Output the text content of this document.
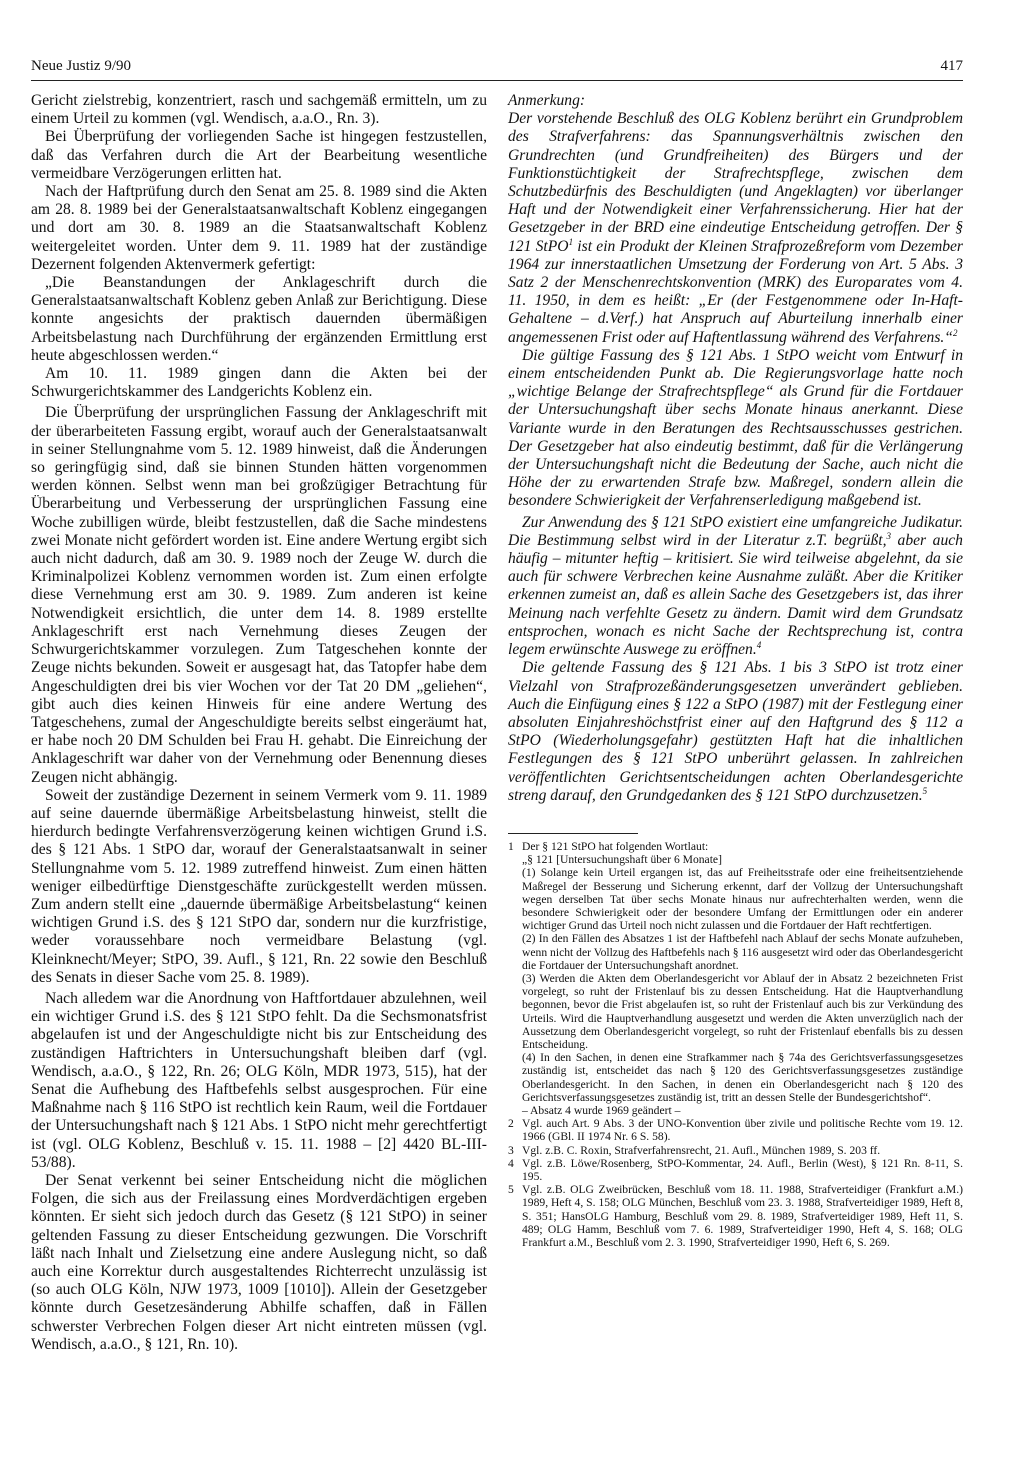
Neue Justiz 9/90	417

Gericht zielstrebig, konzentriert, rasch und sachgemäß ermitteln, um zu einem Urteil zu kommen (vgl. Wendisch, a.a.O., Rn. 3).

Bei Überprüfung der vorliegenden Sache ist hingegen festzustellen, daß das Verfahren durch die Art der Bearbeitung wesentliche vermeidbare Verzögerungen erlitten hat.

Nach der Haftprüfung durch den Senat am 25. 8. 1989 sind die Akten am 28. 8. 1989 bei der Generalstaatsanwaltschaft Koblenz eingegangen und dort am 30. 8. 1989 an die Staatsanwaltschaft Koblenz weitergeleitet worden. Unter dem 9. 11. 1989 hat der zuständige Dezernent folgenden Aktenvermerk gefertigt:

„Die Beanstandungen der Anklageschrift durch die Generalstaatsanwaltschaft Koblenz geben Anlaß zur Berichtigung. Diese konnte angesichts der praktisch dauernden übermäßigen Arbeitsbelastung nach Durchführung der ergänzenden Ermittlung erst heute abgeschlossen werden.“

Am 10. 11. 1989 gingen dann die Akten bei der Schwurgerichtskammer des Landgerichts Koblenz ein.

Die Überprüfung der ursprünglichen Fassung der Anklageschrift mit der überarbeiteten Fassung ergibt, worauf auch der Generalstaatsanwalt in seiner Stellungnahme vom 5. 12. 1989 hinweist, daß die Änderungen so geringfügig sind, daß sie binnen Stunden hätten vorgenommen werden können. Selbst wenn man bei großzügiger Betrachtung für Überarbeitung und Verbesserung der ursprünglichen Fassung eine Woche zubilligen würde, bleibt festzustellen, daß die Sache mindestens zwei Monate nicht gefördert worden ist. Eine andere Wertung ergibt sich auch nicht dadurch, daß am 30. 9. 1989 noch der Zeuge W. durch die Kriminalpolizei Koblenz vernommen worden ist. Zum einen erfolgte diese Vernehmung erst am 30. 9. 1989. Zum anderen ist keine Notwendigkeit ersichtlich, die unter dem 14. 8. 1989 erstellte Anklageschrift erst nach Vernehmung dieses Zeugen der Schwurgerichtskammer vorzulegen. Zum Tatgeschehen konnte der Zeuge nichts bekunden. Soweit er ausgesagt hat, das Tatopfer habe dem Angeschuldigten drei bis vier Wochen vor der Tat 20 DM „geliehen“, gibt auch dies keinen Hinweis für eine andere Wertung des Tatgeschehens, zumal der Angeschuldigte bereits selbst eingeräumt hat, er habe noch 20 DM Schulden bei Frau H. gehabt. Die Einreichung der Anklageschrift war daher von der Vernehmung oder Benennung dieses Zeugen nicht abhängig.

Soweit der zuständige Dezernent in seinem Vermerk vom 9. 11. 1989 auf seine dauernde übermäßige Arbeitsbelastung hinweist, stellt die hierdurch bedingte Verfahrensverzögerung keinen wichtigen Grund i.S. des § 121 Abs. 1 StPO dar, worauf der Generalstaatsanwalt in seiner Stellungnahme vom 5. 12. 1989 zutreffend hinweist. Zum einen hätten weniger eilbedürftige Dienstgeschäfte zurückgestellt werden müssen. Zum andern stellt eine „dauernde übermäßige Arbeitsbelastung“ keinen wichtigen Grund i.S. des § 121 StPO dar, sondern nur die kurzfristige, weder voraussehbare noch vermeidbare Belastung (vgl. Kleinknecht/Meyer; StPO, 39. Aufl., § 121, Rn. 22 sowie den Beschluß des Senats in dieser Sache vom 25. 8. 1989).

Nach alledem war die Anordnung von Haftfortdauer abzulehnen, weil ein wichtiger Grund i.S. des § 121 StPO fehlt. Da die Sechsmonatsfrist abgelaufen ist und der Angeschuldigte nicht bis zur Entscheidung des zuständigen Haftrichters in Untersuchungshaft bleiben darf (vgl. Wendisch, a.a.O., § 122, Rn. 26; OLG Köln, MDR 1973, 515), hat der Senat die Aufhebung des Haftbefehls selbst ausgesprochen. Für eine Maßnahme nach § 116 StPO ist rechtlich kein Raum, weil die Fortdauer der Untersuchungshaft nach § 121 Abs. 1 StPO nicht mehr gerechtfertigt ist (vgl. OLG Koblenz, Beschluß v. 15. 11. 1988 – [2] 4420 BL-III-53/88).

Der Senat verkennt bei seiner Entscheidung nicht die möglichen Folgen, die sich aus der Freilassung eines Mordverdächtigen ergeben könnten. Er sieht sich jedoch durch das Gesetz (§ 121 StPO) in seiner geltenden Fassung zu dieser Entscheidung gezwungen. Die Vorschrift läßt nach Inhalt und Zielsetzung eine andere Auslegung nicht, so daß auch eine Korrektur durch ausgestaltendes Richterrecht unzulässig ist (so auch OLG Köln, NJW 1973, 1009 [1010]). Allein der Gesetzgeber könnte durch Gesetzesänderung Abhilfe schaffen, daß in Fällen schwerster Verbrechen Folgen dieser Art nicht eintreten müssen (vgl. Wendisch, a.a.O., § 121, Rn. 10).

Anmerkung:

Der vorstehende Beschluß des OLG Koblenz berührt ein Grundproblem des Strafverfahrens: das Spannungsverhältnis zwischen den Grundrechten (und Grundfreiheiten) des Bürgers und der Funktionstüchtigkeit der Strafrechtspflege, zwischen dem Schutzbedürfnis des Beschuldigten (und Angeklagten) vor überlanger Haft und der Notwendigkeit einer Verfahrenssicherung. Hier hat der Gesetzgeber in der BRD eine eindeutige Entscheidung getroffen. Der § 121 StPO$^1$ ist ein Produkt der Kleinen Strafprozeßreform vom Dezember 1964 zur innerstaatlichen Umsetzung der Forderung von Art. 5 Abs. 3 Satz 2 der Menschenrechtskonvention (MRK) des Europarates vom 4. 11. 1950, in dem es heißt: „Er (der Festgenommene oder In-Haft-Gehaltene – d.Verf.) hat Anspruch auf Aburteilung innerhalb einer angemessenen Frist oder auf Haftentlassung während des Verfahrens.“$^2$

Die gültige Fassung des § 121 Abs. 1 StPO weicht vom Entwurf in einem entscheidenden Punkt ab. Die Regierungsvorlage hatte noch „wichtige Belange der Strafrechtspflege“ als Grund für die Fortdauer der Untersuchungshaft über sechs Monate hinaus anerkannt. Diese Variante wurde in den Beratungen des Rechtsausschusses gestrichen. Der Gesetzgeber hat also eindeutig bestimmt, daß für die Verlängerung der Untersuchungshaft nicht die Bedeutung der Sache, auch nicht die Höhe der zu erwartenden Strafe bzw. Maßregel, sondern allein die besondere Schwierigkeit der Verfahrenserledigung maßgebend ist.

Zur Anwendung des § 121 StPO existiert eine umfangreiche Judikatur. Die Bestimmung selbst wird in der Literatur z.T. begrüßt,$^3$ aber auch häufig – mitunter heftig – kritisiert. Sie wird teilweise abgelehnt, da sie auch für schwere Verbrechen keine Ausnahme zuläßt. Aber die Kritiker erkennen zumeist an, daß es allein Sache des Gesetzgebers ist, das ihrer Meinung nach verfehlte Gesetz zu ändern. Damit wird dem Grundsatz entsprochen, wonach es nicht Sache der Rechtsprechung ist, contra legem erwünschte Auswege zu eröffnen.$^4$

Die geltende Fassung des § 121 Abs. 1 bis 3 StPO ist trotz einer Vielzahl von Strafprozeßänderungsgesetzen unverändert geblieben. Auch die Einfügung eines § 122 a StPO (1987) mit der Festlegung einer absoluten Einjahreshöchstfrist einer auf den Haftgrund des § 112 a StPO (Wiederholungsgefahr) gestützten Haft hat die inhaltlichen Festlegungen des § 121 StPO unberührt gelassen. In zahlreichen veröffentlichten Gerichtsentscheidungen achten Oberlandesgerichte streng darauf, den Grundgedanken des § 121 StPO durchzusetzen.$^5$

1 Der § 121 StPO hat folgenden Wortlaut:

„§ 121 [Untersuchungshaft über 6 Monate]

(1) Solange kein Urteil ergangen ist, das auf Freiheitsstrafe oder eine freiheitsentziehende Maßregel der Besserung und Sicherung erkennt, darf der Vollzug der Untersuchungshaft wegen derselben Tat über sechs Monate hinaus nur aufrechterhalten werden, wenn die besondere Schwierigkeit oder der besondere Umfang der Ermittlungen oder ein anderer wichtiger Grund das Urteil noch nicht zulassen und die Fortdauer der Haft rechtfertigen.

(2) In den Fällen des Absatzes 1 ist der Haftbefehl nach Ablauf der sechs Monate aufzuheben, wenn nicht der Vollzug des Haftbefehls nach § 116 ausgesetzt wird oder das Oberlandesgericht die Fortdauer der Untersuchungshaft anordnet.

(3) Werden die Akten dem Oberlandesgericht vor Ablauf der in Absatz 2 bezeichneten Frist vorgelegt, so ruht der Fristenlauf bis zu dessen Entscheidung. Hat die Hauptverhandlung begonnen, bevor die Frist abgelaufen ist, so ruht der Fristenlauf auch bis zur Verkündung des Urteils. Wird die Hauptverhandlung ausgesetzt und werden die Akten unverzüglich nach der Aussetzung dem Oberlandesgericht vorgelegt, so ruht der Fristenlauf ebenfalls bis zu dessen Entscheidung.

(4) In den Sachen, in denen eine Strafkammer nach § 74a des Gerichtsverfassungsgesetzes zuständig ist, entscheidet das nach § 120 des Gerichtsverfassungsgesetzes zuständige Oberlandesgericht. In den Sachen, in denen ein Oberlandesgericht nach § 120 des Gerichtsverfassungsgesetzes zuständig ist, tritt an dessen Stelle der Bundesgerichtshof“.

– Absatz 4 wurde 1969 geändert –

2 Vgl. auch Art. 9 Abs. 3 der UNO-Konvention über zivile und politische Rechte vom 19. 12. 1966 (GBl. II 1974 Nr. 6 S. 58).
3 Vgl. z.B. C. Roxin, Strafverfahrensrecht, 21. Aufl., München 1989, S. 203 ff.
4 Vgl. z.B. Löwe/Rosenberg, StPO-Kommentar, 24. Aufl., Berlin (West), § 121 Rn. 8-11, S. 195.
5 Vgl. z.B. OLG Zweibrücken, Beschluß vom 18. 11. 1988, Strafverteidiger (Frankfurt a.M.) 1989, Heft 4, S. 158; OLG München, Beschluß vom 23. 3. 1988, Strafverteidiger 1989, Heft 8, S. 351; HansOLG Hamburg, Beschluß vom 29. 8. 1989, Strafverteidiger 1989, Heft 11, S. 489; OLG Hamm, Beschluß vom 7. 6. 1989, Strafverteidiger 1990, Heft 4, S. 168; OLG Frankfurt a.M., Beschluß vom 2. 3. 1990, Strafverteidiger 1990, Heft 6, S. 269.
